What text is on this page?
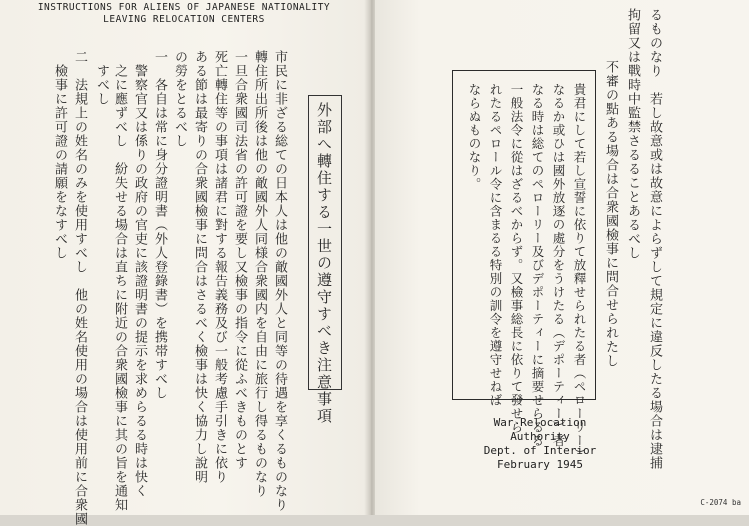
INSTRUCTIONS FOR ALIENS OF JAPANESE NATIONALITY
LEAVING RELOCATION CENTERS
外部へ轉住する一世の遵守すべき注意事項
市民に非ざる総ての日本人は他の敵國外人と同等の待遇を享くるものなり
轉住所出所後は他の敵國外人同様合衆國内を自由に旅行し得るものなり
一旦合衆國司法省の許可證を要し又檢事の指令に從ふべきものとす
死亡轉住等の事項は諸君に對する報告義務及び一般考慮手引きに依り
ある節は最寄りの合衆國檢事に問合はさるべく檢事は快く協力し說明
の勞をとるべし
一　各自は常に身分證明書（外人登錄書）を携帯すべし
　警察官又は係りの政府の官吏に該證明書の提示を求めらるる時は快く
　之に應ずべし　紛失せる場合は直ちに附近の合衆國檢事に其の旨を通知
　すべし
二　法規上の姓名のみを使用すべし　他の姓名使用の場合は使用前に合衆國
　檢事に許可證の請願をなすべし	るものなり　若し故意或は故意によらずして規定に違反したる場合は逮捕
拘留又は戰時中監禁さるることあるべし
不審の點ある場合は合衆國檢事に問合せられたし
貴君にして若し宣誓に依りて放釋せられたる者（ペローリー）
なるか或ひは國外放逐の處分をうけたる（デポーティー）者
なる時は総てのペローリー及びデポーティーに摘要せらるる
一般法令に從はざるべからず。又檢事総長に依りて發せら
れたるペロール令に含まるる特別の訓令を遵守せねば
ならぬものなり。
War Relocation Authority
Dept. of Interior
February 1945
C-2074 ba
